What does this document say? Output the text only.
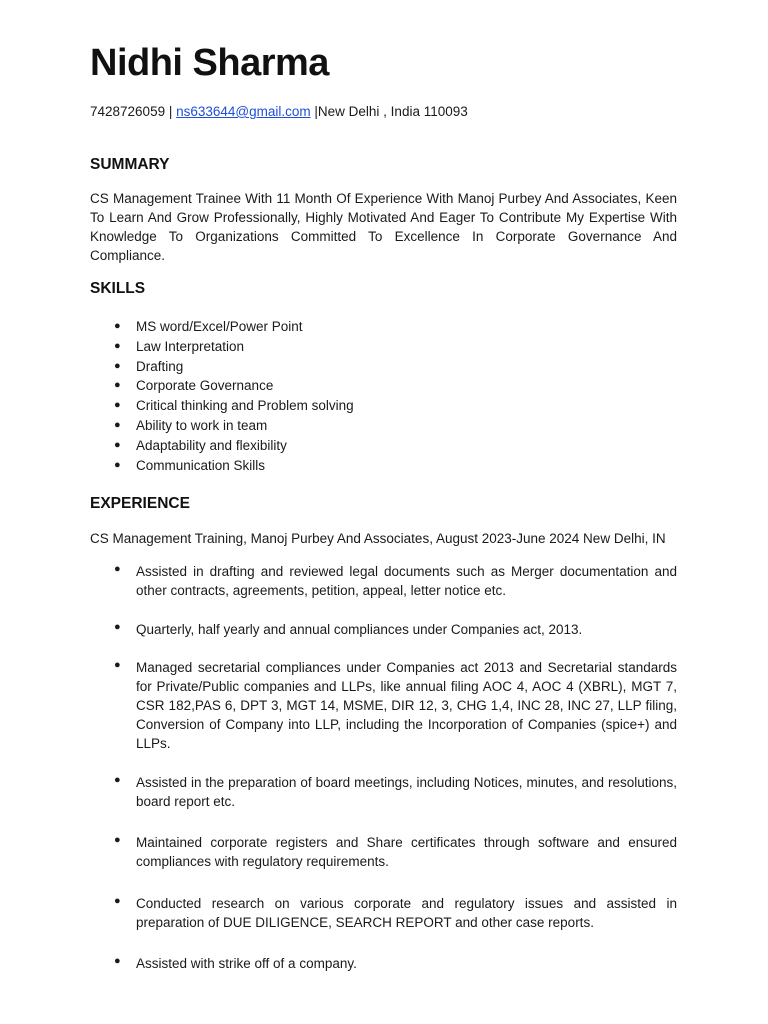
Nidhi Sharma
7428726059 | ns633644@gmail.com |New Delhi , India 110093
SUMMARY

CS Management Trainee With 11 Month Of Experience With Manoj Purbey And Associates, Keen To Learn And Grow Professionally, Highly Motivated And Eager To Contribute My Expertise With Knowledge To Organizations Committed To Excellence In Corporate Governance And Compliance.

SKILLS
● MS word/Excel/Power Point
● Law Interpretation
● Drafting
● Corporate Governance
● Critical thinking and Problem solving
● Ability to work in team
● Adaptability and flexibility
● Communication Skills
EXPERIENCE

CS Management Training, Manoj Purbey And Associates, August 2023-June 2024 New Delhi, IN

● Assisted in drafting and reviewed legal documents such as Merger documentation and other contracts, agreements, petition, appeal, letter notice etc.
● Quarterly, half yearly and annual compliances under Companies act, 2013.
● Managed secretarial compliances under Companies act 2013 and Secretarial standards for Private/Public companies and LLPs, like annual filing AOC 4, AOC 4 (XBRL), MGT 7, CSR 182,PAS 6, DPT 3, MGT 14, MSME, DIR 12, 3, CHG 1,4, INC 28, INC 27, LLP filing, Conversion of Company into LLP, including the Incorporation of Companies (spice+) and LLPs.
● Assisted in the preparation of board meetings, including Notices, minutes, and resolutions, board report etc.
● Maintained corporate registers and Share certificates through software and ensured compliances with regulatory requirements.
● Conducted research on various corporate and regulatory issues and assisted in preparation of DUE DILIGENCE, SEARCH REPORT and other case reports.
● Assisted with strike off of a company.
